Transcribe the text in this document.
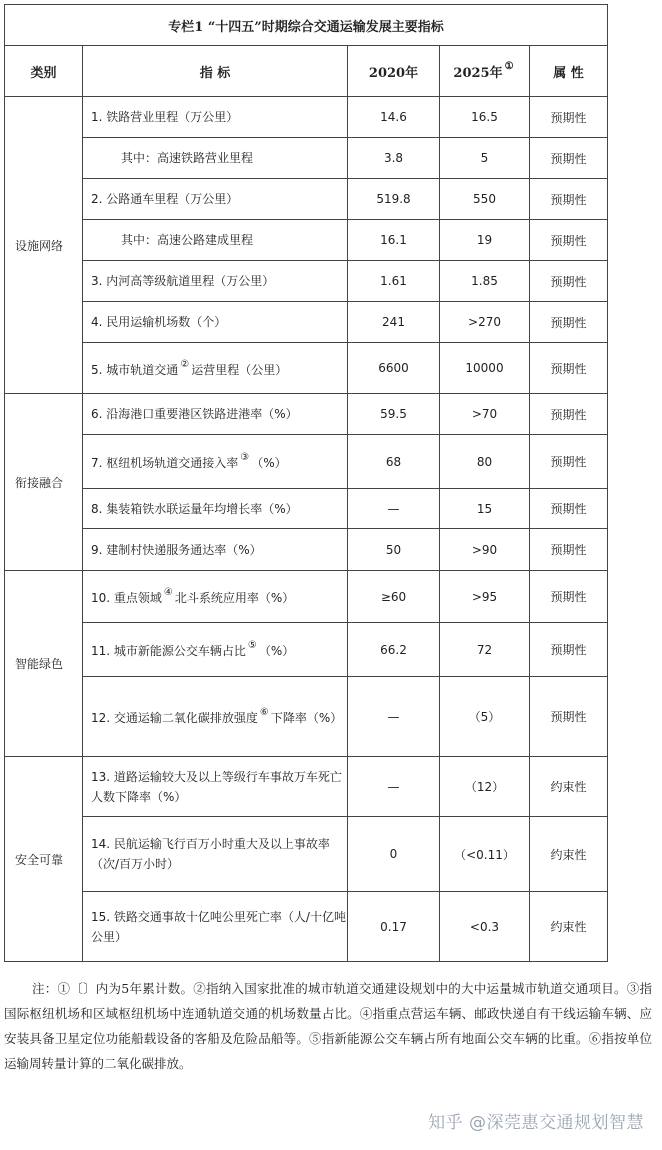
专栏1 “十四五”时期综合交通运输发展主要指标				
类别	指 标	2020年	2025年 ①	属 性
设施网络	1. 铁路营业里程（万公里）	14.6	16.5	预期性
	其中：高速铁路营业里程	3.8	5	预期性
	2. 公路通车里程（万公里）	519.8	550	预期性
	其中：高速公路建成里程	16.1	19	预期性
	3. 内河高等级航道里程（万公里）	1.61	1.85	预期性
	4. 民用运输机场数（个）	241	>270	预期性
	5. 城市轨道交通 ② 运营里程（公里）	6600	10000	预期性
衔接融合	6. 沿海港口重要港区铁路进港率（%）	59.5	>70	预期性
	7. 枢纽机场轨道交通接入率 ③ （%）	68	80	预期性
	8. 集装箱铁水联运量年均增长率（%）	—	15	预期性
	9. 建制村快递服务通达率（%）	50	>90	预期性
智能绿色	10. 重点领域 ④ 北斗系统应用率（%）	≥60	>95	预期性
	11. 城市新能源公交车辆占比 ⑤ （%）	66.2	72	预期性
	12. 交通运输二氧化碳排放强度 ⑥ 下降率（%）	—	（5）	预期性
安全可靠	13. 道路运输较大及以上等级行车事故万车死亡人数下降率（%）	—	（12）	约束性
	14. 民航运输飞行百万小时重大及以上事故率（次/百万小时）	0	（<0.11）	约束性
	15. 铁路交通事故十亿吨公里死亡率（人/十亿吨公里）	0.17	<0.3	约束性

注：①〔〕内为5年累计数。②指纳入国家批准的城市轨道交通建设规划中的大中运量城市轨道交通项目。③指国际枢纽机场和区域枢纽机场中连通轨道交通的机场数量占比。④指重点营运车辆、邮政快递自有干线运输车辆、应安装具备卫星定位功能船载设备的客船及危险品船等。⑤指新能源公交车辆占所有地面公交车辆的比重。⑥指按单位运输周转量计算的二氧化碳排放。

知乎 @深莞惠交通规划智慧
